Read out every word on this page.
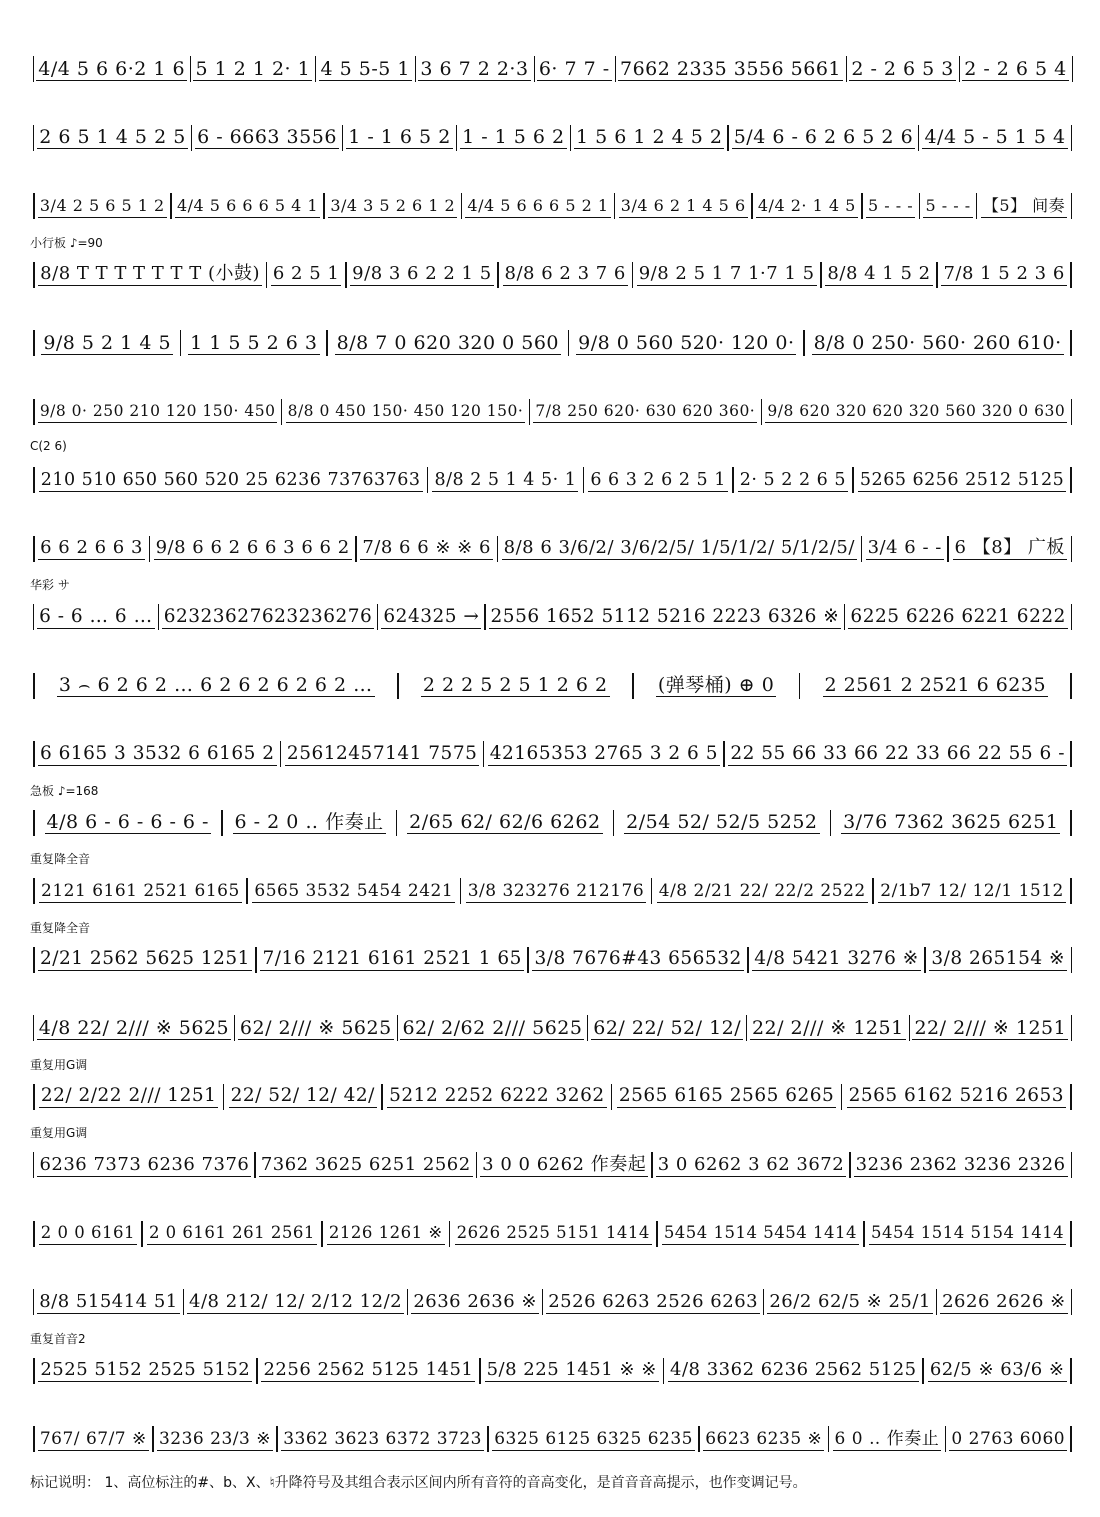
4/4 5 6 6·2 1 6 5 1 2 1 2· 1 4 5 5-5 1 3 6 7 2 2·3 6· 7 7 - 7662 2335 3556 5661 2 - 2 6 5 3 2 - 2 6 5 4
2 6 5 1 4 5 2 5 6 - 6663 3556 1 - 1 6 5 2 1 - 1 5 6 2 1 5 6 1 2 4 5 2 5/4 6 - 6 2 6 5 2 6 4/4 5 - 5 1 5 4
3/4 2 5 6 5 1 2 4/4 5 6 6 6 5 4 1 3/4 3 5 2 6 1 2 4/4 5 6 6 6 5 2 1 3/4 6 2 1 4 5 6 4/4 2· 1 4 5 5 - - - 5 - - - 【5】 间奏
小行板 ♪=90
8/8 T T T T T T T (小鼓) 6 2 5 1 9/8 3 6 2 2 1 5 8/8 6 2 3 7 6 9/8 2 5 1 7 1·7 1 5 8/8 4 1 5 2 7/8 1 5 2 3 6
9/8 5 2 1 4 5 1 1 5 5 2 6 3 8/8 7 0 620 320 0 560 9/8 0 560 520· 120 0· 8/8 0 250· 560· 260 610·
9/8 0· 250 210 120 150· 450 8/8 0 450 150· 450 120 150· 7/8 250 620· 630 620 360· 9/8 620 320 620 320 560 320 0 630
C(2 6)
210 510 650 560 520 25 6236 73763763 8/8 2 5 1 4 5· 1 6 6 3 2 6 2 5 1 2· 5 2 2 6 5 5265 6256 2512 5125
6 6 2 6 6 3 9/8 6 6 2 6 6 3 6 6 2 7/8 6 6 ※ ※ 6 8/8 6 3/6/2/ 3/6/2/5/ 1/5/1/2/ 5/1/2/5/ 3/4 6 - - 6 【8】 广板
华彩 サ
6 - 6 … 6 … 62323627623236276 624325 → 2556 1652 5112 5216 2223 6326 ※ 6225 6226 6221 6222
3 ⌢ 6 2 6 2 … 6 2 6 2 6 2 6 2 …	2 2 2 5 2 5 1 2 6 2	(弹琴桶) ⊕ 0	2 2561 2 2521 6 6235
6 6165 3 3532 6 6165 2 25612457141 7575 42165353 2765 3 2 6 5 22 55 66 33 66 22 33 66 22 55 6 -
急板 ♪=168
4/8 6 - 6 - 6 - 6 - 6 - 2 0 ‥ 作奏止 2/65 62/ 62/6 6262 2/54 52/ 52/5 5252 3/76 7362 3625 6251
重复降全音
2121 6161 2521 6165 6565 3532 5454 2421 3/8 323276 212176 4/8 2/21 22/ 22/2 2522 2/1b7 12/ 12/1 1512
重复降全音
2/21 2562 5625 1251 7/16 2121 6161 2521 1 65 3/8 7676#43 656532 4/8 5421 3276 ※ 3/8 265154 ※
4/8 22/ 2/// ※ 5625 62/ 2/// ※ 5625 62/ 2/62 2/// 5625 62/ 22/ 52/ 12/ 22/ 2/// ※ 1251 22/ 2/// ※ 1251
重复用G调
22/ 2/22 2/// 1251 22/ 52/ 12/ 42/ 5212 2252 6222 3262 2565 6165 2565 6265 2565 6162 5216 2653
重复用G调
6236 7373 6236 7376 7362 3625 6251 2562 3 0 0 6262 作奏起 3 0 6262 3 62 3672 3236 2362 3236 2326
2 0 0 6161 2 0 6161 261 2561 2126 1261 ※ 2626 2525 5151 1414 5454 1514 5454 1414 5454 1514 5154 1414
8/8 515414 51 4/8 212/ 12/ 2/12 12/2 2636 2636 ※ 2526 6263 2526 6263 26/2 62/5 ※ 25/1 2626 2626 ※
重复首音2
2525 5152 2525 5152 2256 2562 5125 1451 5/8 225 1451 ※ ※ 4/8 3362 6236 2562 5125 62/5 ※ 63/6 ※
767/ 67/7 ※ 3236 23/3 ※ 3362 3623 6372 3723 6325 6125 6325 6235 6623 6235 ※ 6 0 ‥ 作奏止 0 2763 6060
标记说明： 1、高位标注的#、b、X、♮升降符号及其组合表示区间内所有音符的音高变化，是首音音高提示，也作变调记号。
